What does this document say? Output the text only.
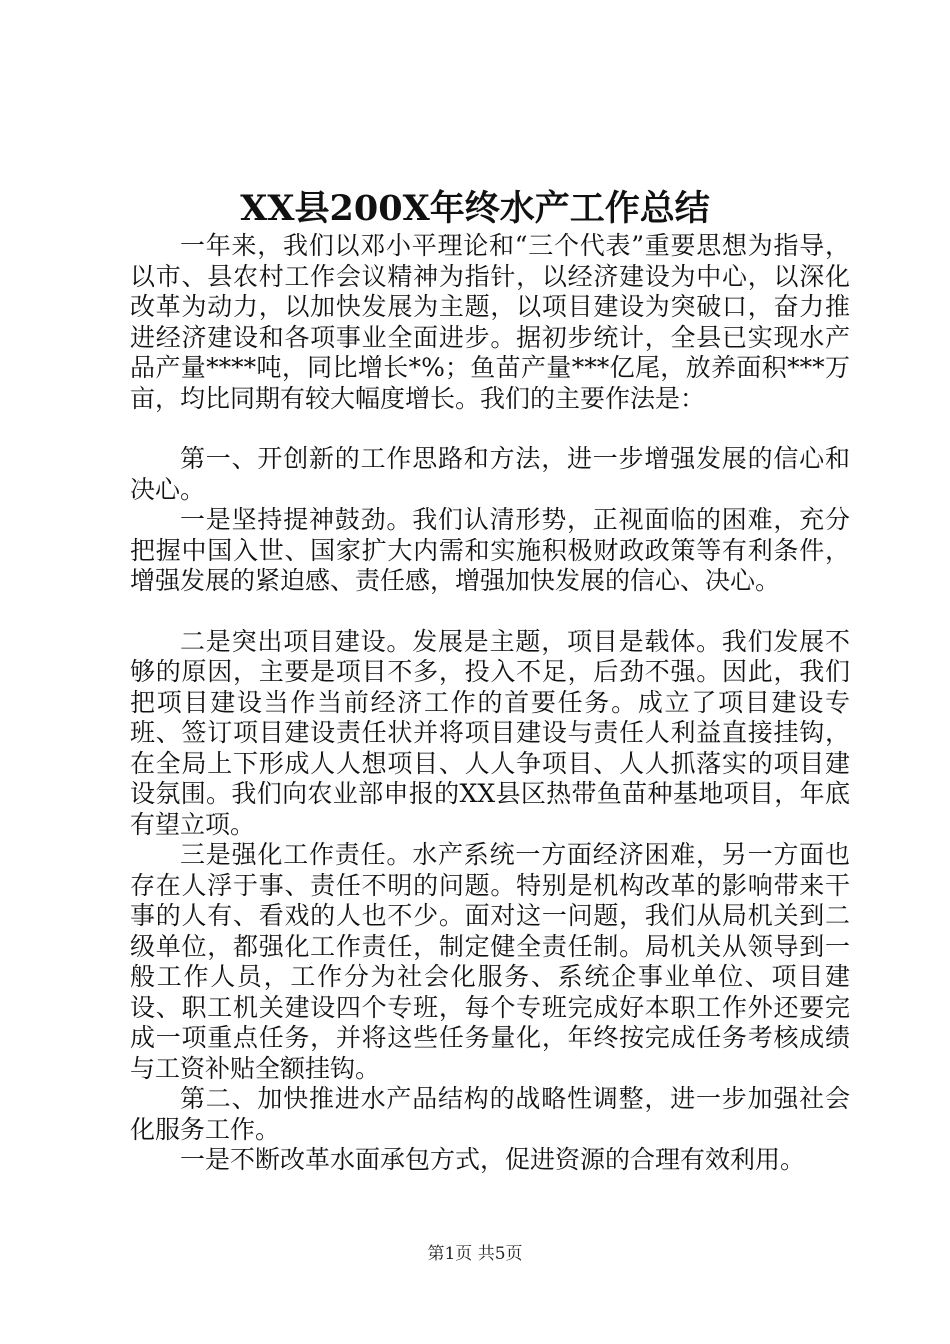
XX县200X年终水产工作总结

一年来，我们以邓小平理论和“三个代表”重要思想为指导，以市、县农村工作会议精神为指针，以经济建设为中心，以深化改革为动力，以加快发展为主题，以项目建设为突破口，奋力推进经济建设和各项事业全面进步。据初步统计，全县已实现水产品产量****吨，同比增长*%；鱼苗产量***亿尾，放养面积***万亩，均比同期有较大幅度增长。我们的主要作法是：

第一、开创新的工作思路和方法，进一步增强发展的信心和决心。

一是坚持提神鼓劲。我们认清形势，正视面临的困难，充分把握中国入世、国家扩大内需和实施积极财政政策等有利条件，增强发展的紧迫感、责任感，增强加快发展的信心、决心。

二是突出项目建设。发展是主题，项目是载体。我们发展不够的原因，主要是项目不多，投入不足，后劲不强。因此，我们把项目建设当作当前经济工作的首要任务。成立了项目建设专班、签订项目建设责任状并将项目建设与责任人利益直接挂钩，在全局上下形成人人想项目、人人争项目、人人抓落实的项目建设氛围。我们向农业部申报的XX县区热带鱼苗种基地项目，年底有望立项。

三是强化工作责任。水产系统一方面经济困难，另一方面也存在人浮于事、责任不明的问题。特别是机构改革的影响带来干事的人有、看戏的人也不少。面对这一问题，我们从局机关到二级单位，都强化工作责任，制定健全责任制。局机关从领导到一般工作人员，工作分为社会化服务、系统企事业单位、项目建设、职工机关建设四个专班，每个专班完成好本职工作外还要完成一项重点任务，并将这些任务量化，年终按完成任务考核成绩与工资补贴全额挂钩。

第二、加快推进水产品结构的战略性调整，进一步加强社会化服务工作。

一是不断改革水面承包方式，促进资源的合理有效利用。

第1页 共5页
